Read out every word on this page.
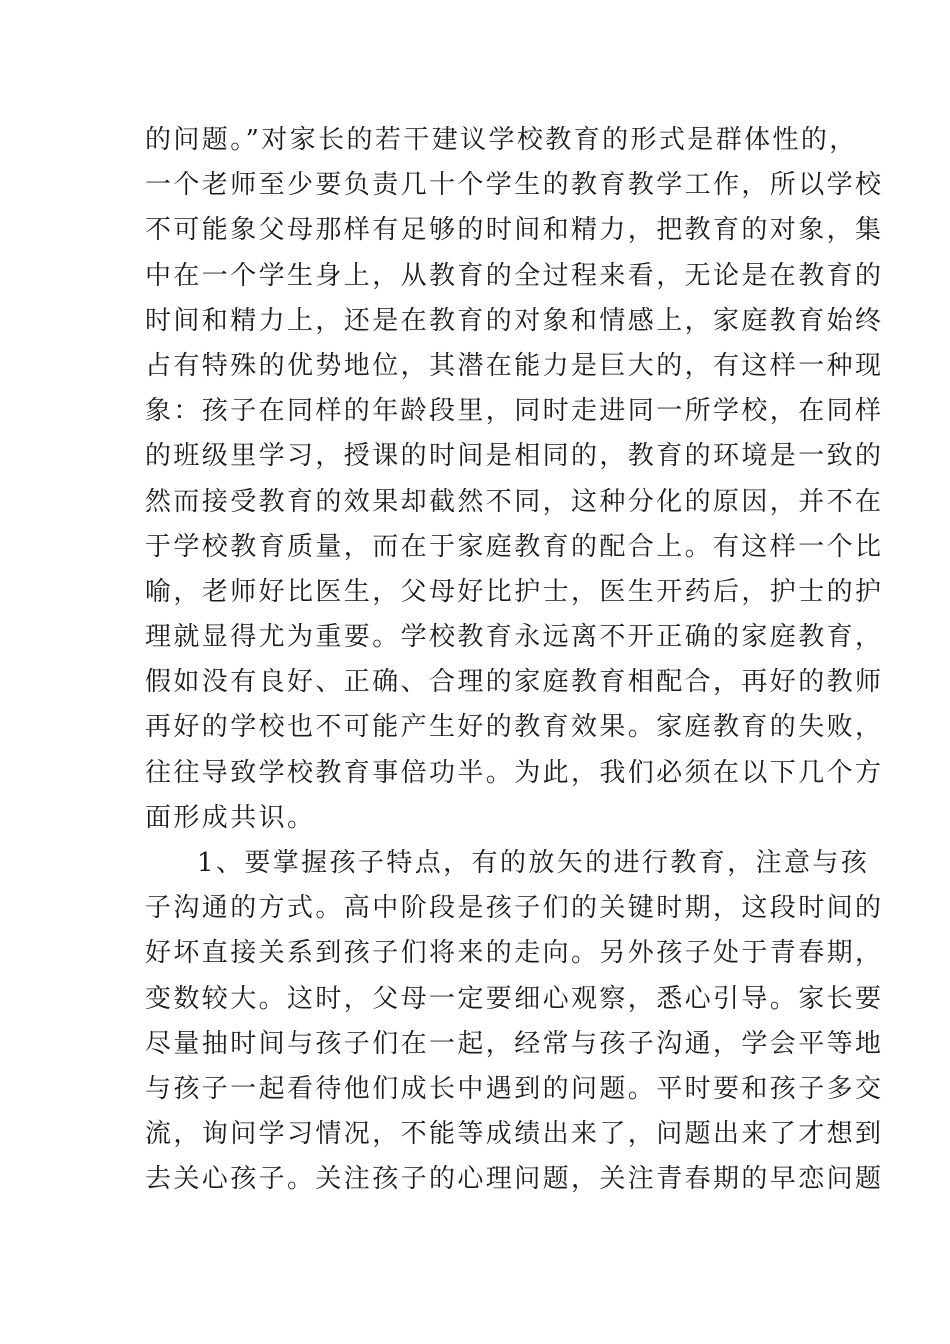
的问题。”对家长的若干建议学校教育的形式是群体性的，
一个老师至少要负责几十个学生的教育教学工作，所以学校
不可能象父母那样有足够的时间和精力，把教育的对象，集
中在一个学生身上，从教育的全过程来看，无论是在教育的
时间和精力上，还是在教育的对象和情感上，家庭教育始终
占有特殊的优势地位，其潜在能力是巨大的，有这样一种现
象：孩子在同样的年龄段里，同时走进同一所学校，在同样
的班级里学习，授课的时间是相同的，教育的环境是一致的
然而接受教育的效果却截然不同，这种分化的原因，并不在
于学校教育质量，而在于家庭教育的配合上。有这样一个比
喻，老师好比医生，父母好比护士，医生开药后，护士的护
理就显得尤为重要。学校教育永远离不开正确的家庭教育，
假如没有良好、正确、合理的家庭教育相配合，再好的教师
再好的学校也不可能产生好的教育效果。家庭教育的失败，
往往导致学校教育事倍功半。为此，我们必须在以下几个方
面形成共识。
1、要掌握孩子特点，有的放矢的进行教育，注意与孩
子沟通的方式。高中阶段是孩子们的关键时期，这段时间的
好坏直接关系到孩子们将来的走向。另外孩子处于青春期，
变数较大。这时，父母一定要细心观察，悉心引导。家长要
尽量抽时间与孩子们在一起，经常与孩子沟通，学会平等地
与孩子一起看待他们成长中遇到的问题。平时要和孩子多交
流，询问学习情况，不能等成绩出来了，问题出来了才想到
去关心孩子。关注孩子的心理问题，关注青春期的早恋问题
